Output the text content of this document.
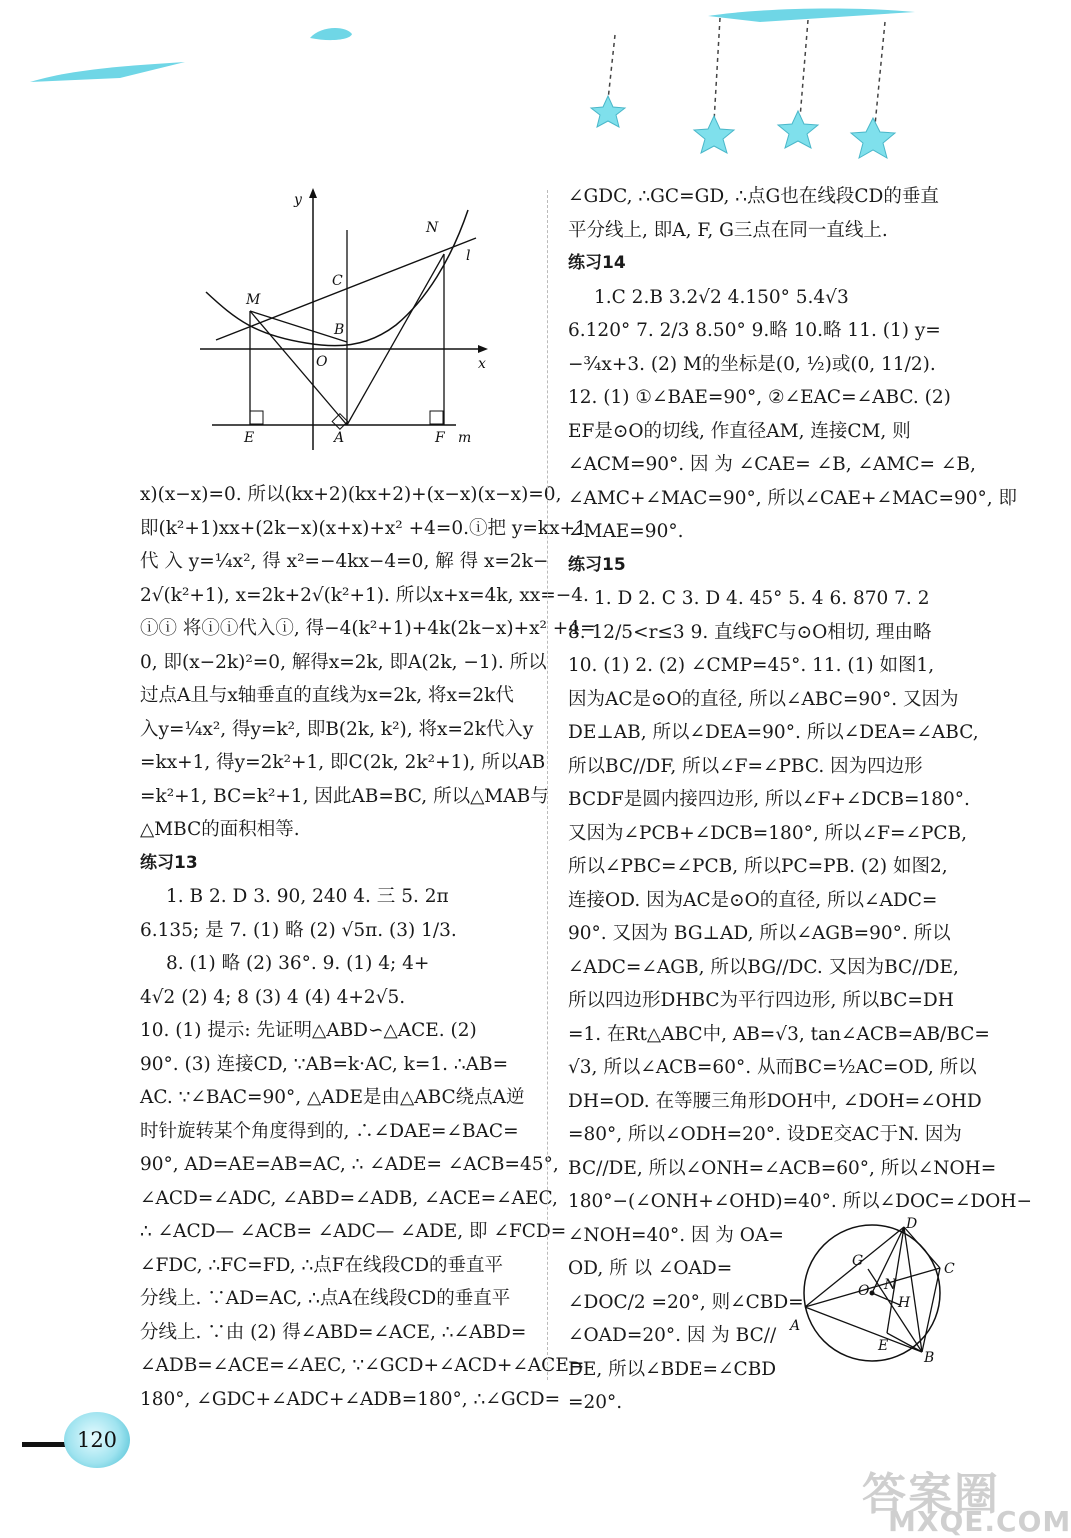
y
x
N
l
C
M
B
O
E	A	F m

x)(x−x)=0. 所以(kx+2)(kx+2)+(x−x)(x−x)=0,

即(k²+1)xx+(2k−x)(x+x)+x² +4=0.ⓘ把 y=kx+1

代 入 y=¼x², 得 x²=−4kx−4=0, 解 得 x=2k−

2√(k²+1), x=2k+2√(k²+1). 所以x+x=4k, xx=−4.

ⓘⓘ 将ⓘⓘ代入ⓘ, 得−4(k²+1)+4k(2k−x)+x² +4=

0, 即(x−2k)²=0, 解得x=2k, 即A(2k, −1). 所以

过点A且与x轴垂直的直线为x=2k, 将x=2k代

入y=¼x², 得y=k², 即B(2k, k²), 将x=2k代入y

=kx+1, 得y=2k²+1, 即C(2k, 2k²+1), 所以AB

=k²+1, BC=k²+1, 因此AB=BC, 所以△MAB与

△MBC的面积相等.

练习13

1. B 2. D 3. 90, 240 4. 三 5. 2π

6.135; 是 7. (1) 略 (2) √5π. (3) 1/3.

8. (1) 略 (2) 36°. 9. (1) 4; 4+

4√2 (2) 4; 8 (3) 4 (4) 4+2√5.

10. (1) 提示: 先证明△ABD∽△ACE. (2)

90°. (3) 连接CD, ∵AB=k·AC, k=1. ∴AB=

AC. ∵∠BAC=90°, △ADE是由△ABC绕点A逆

时针旋转某个角度得到的, ∴∠DAE=∠BAC=

90°, AD=AE=AB=AC, ∴ ∠ADE= ∠ACB=45°,

∠ACD=∠ADC, ∠ABD=∠ADB, ∠ACE=∠AEC,

∴ ∠ACD— ∠ACB= ∠ADC— ∠ADE, 即 ∠FCD=

∠FDC, ∴FC=FD, ∴点F在线段CD的垂直平

分线上. ∵AD=AC, ∴点A在线段CD的垂直平

分线上. ∵由 (2) 得∠ABD=∠ACE, ∴∠ABD=

∠ADB=∠ACE=∠AEC, ∵∠GCD+∠ACD+∠ACE=

180°, ∠GDC+∠ADC+∠ADB=180°, ∴∠GCD=

∠GDC, ∴GC=GD, ∴点G也在线段CD的垂直

平分线上, 即A, F, G三点在同一直线上.

练习14

1.C 2.B 3.2√2 4.150° 5.4√3

6.120° 7. 2/3 8.50° 9.略 10.略 11. (1) y=

−¾x+3. (2) M的坐标是(0, ½)或(0, 11/2).

12. (1) ①∠BAE=90°, ②∠EAC=∠ABC. (2)

EF是⊙O的切线, 作直径AM, 连接CM, 则

∠ACM=90°. 因 为 ∠CAE= ∠B, ∠AMC= ∠B,

∠AMC+∠MAC=90°, 所以∠CAE+∠MAC=90°, 即

∠MAE=90°.

练习15

1. D 2. C 3. D 4. 45° 5. 4 6. 870 7. 2

8. 12/5<r≤3 9. 直线FC与⊙O相切, 理由略

10. (1) 2. (2) ∠CMP=45°. 11. (1) 如图1,

因为AC是⊙O的直径, 所以∠ABC=90°. 又因为

DE⊥AB, 所以∠DEA=90°. 所以∠DEA=∠ABC,

所以BC//DF, 所以∠F=∠PBC. 因为四边形

BCDF是圆内接四边形, 所以∠F+∠DCB=180°.

又因为∠PCB+∠DCB=180°, 所以∠F=∠PCB,

所以∠PBC=∠PCB, 所以PC=PB. (2) 如图2,

连接OD. 因为AC是⊙O的直径, 所以∠ADC=

90°. 又因为 BG⊥AD, 所以∠AGB=90°. 所以

∠ADC=∠AGB, 所以BG//DC. 又因为BC//DE,

所以四边形DHBC为平行四边形, 所以BC=DH

=1. 在Rt△ABC中, AB=√3, tan∠ACB=AB/BC=

√3, 所以∠ACB=60°. 从而BC=½AC=OD, 所以

DH=OD. 在等腰三角形DOH中, ∠DOH=∠OHD

=80°, 所以∠ODH=20°. 设DE交AC于N. 因为

BC//DE, 所以∠ONH=∠ACB=60°, 所以∠NOH=

180°−(∠ONH+∠OHD)=40°. 所以∠DOC=∠DOH−

∠NOH=40°. 因 为 OA=

OD, 所 以 ∠OAD=

∠DOC/2 =20°, 则∠CBD=

∠OAD=20°. 因 为 BC//

DE, 所以∠BDE=∠CBD

=20°.

D
G	C
O N
H
A
E
B
120
答案圈
MXQE.COM
